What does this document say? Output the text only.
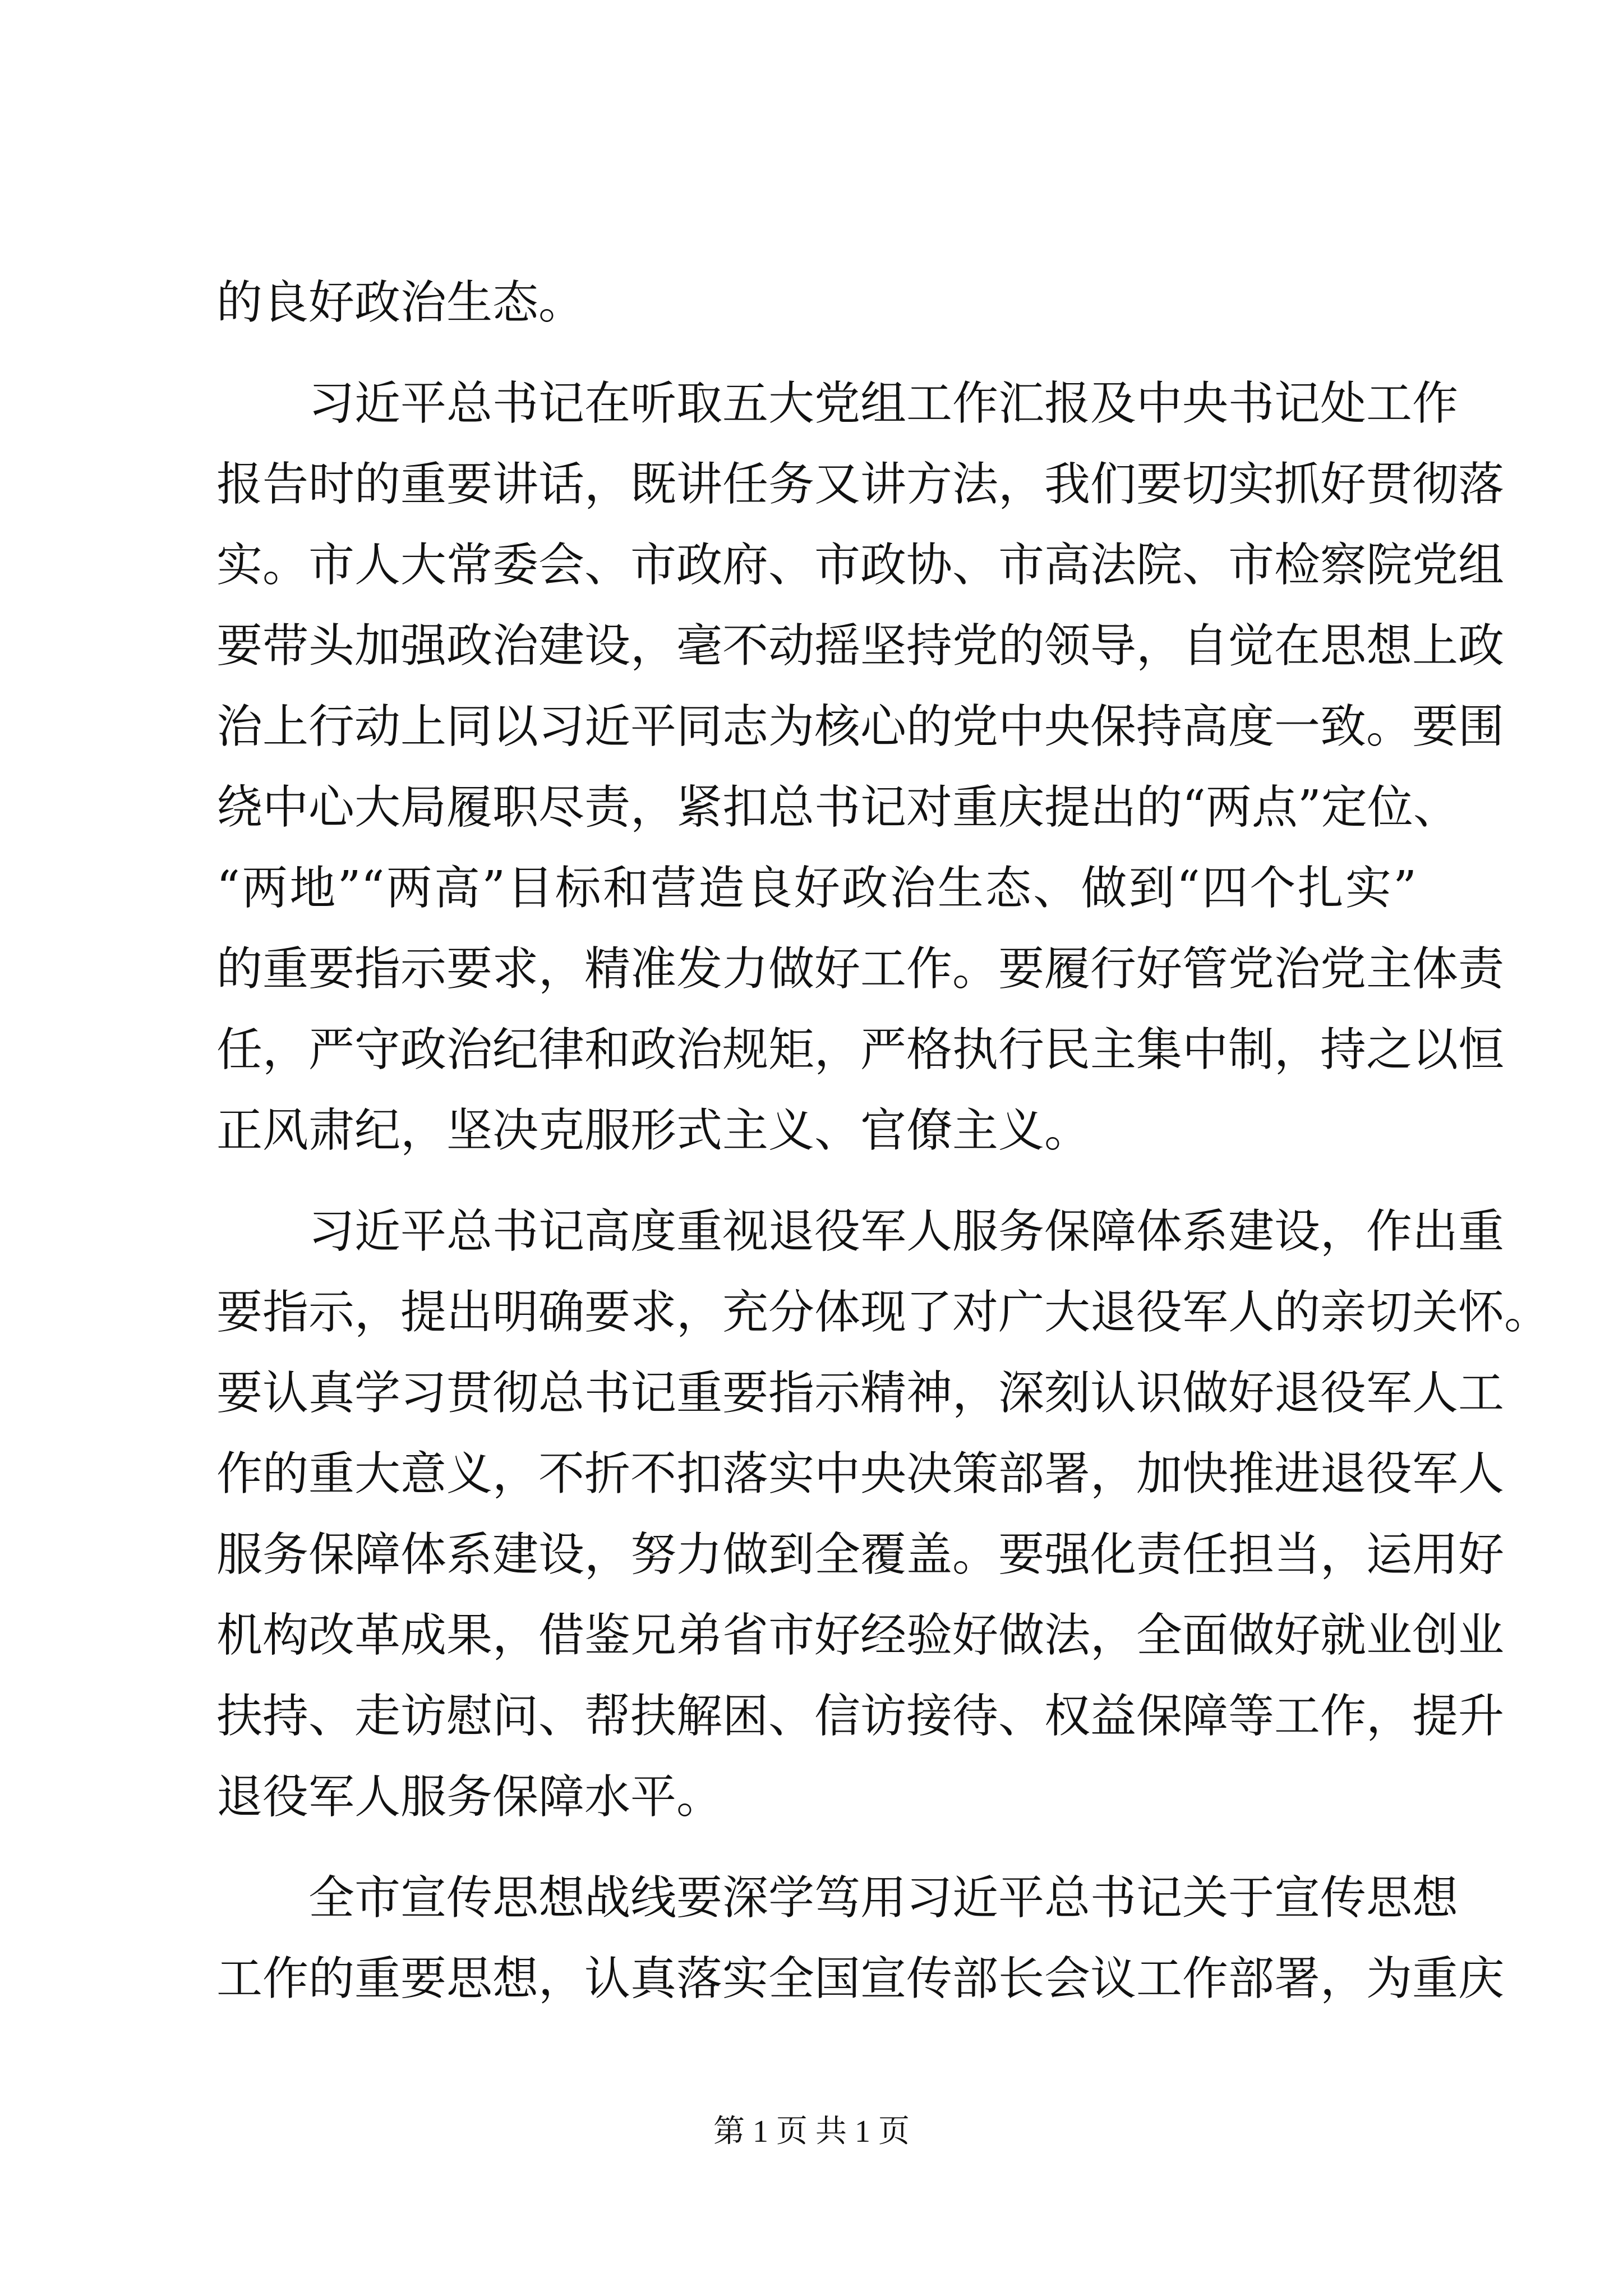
的良好政治生态。
习近平总书记在听取五大党组工作汇报及中央书记处工作
报告时的重要讲话，既讲任务又讲方法，我们要切实抓好贯彻落
实。市人大常委会、市政府、市政协、市高法院、市检察院党组
要带头加强政治建设，毫不动摇坚持党的领导，自觉在思想上政
治上行动上同以习近平同志为核心的党中央保持高度一致。要围
绕中心大局履职尽责，紧扣总书记对重庆提出的“两点”定位、
“两地”“两高”目标和营造良好政治生态、做到“四个扎实”
的重要指示要求，精准发力做好工作。要履行好管党治党主体责
任，严守政治纪律和政治规矩，严格执行民主集中制，持之以恒
正风肃纪，坚决克服形式主义、官僚主义。
习近平总书记高度重视退役军人服务保障体系建设，作出重
要指示，提出明确要求，充分体现了对广大退役军人的亲切关怀。
要认真学习贯彻总书记重要指示精神，深刻认识做好退役军人工
作的重大意义，不折不扣落实中央决策部署，加快推进退役军人
服务保障体系建设，努力做到全覆盖。要强化责任担当，运用好
机构改革成果，借鉴兄弟省市好经验好做法，全面做好就业创业
扶持、走访慰问、帮扶解困、信访接待、权益保障等工作，提升
退役军人服务保障水平。
全市宣传思想战线要深学笃用习近平总书记关于宣传思想
工作的重要思想，认真落实全国宣传部长会议工作部署，为重庆
第 1 页 共 1 页
